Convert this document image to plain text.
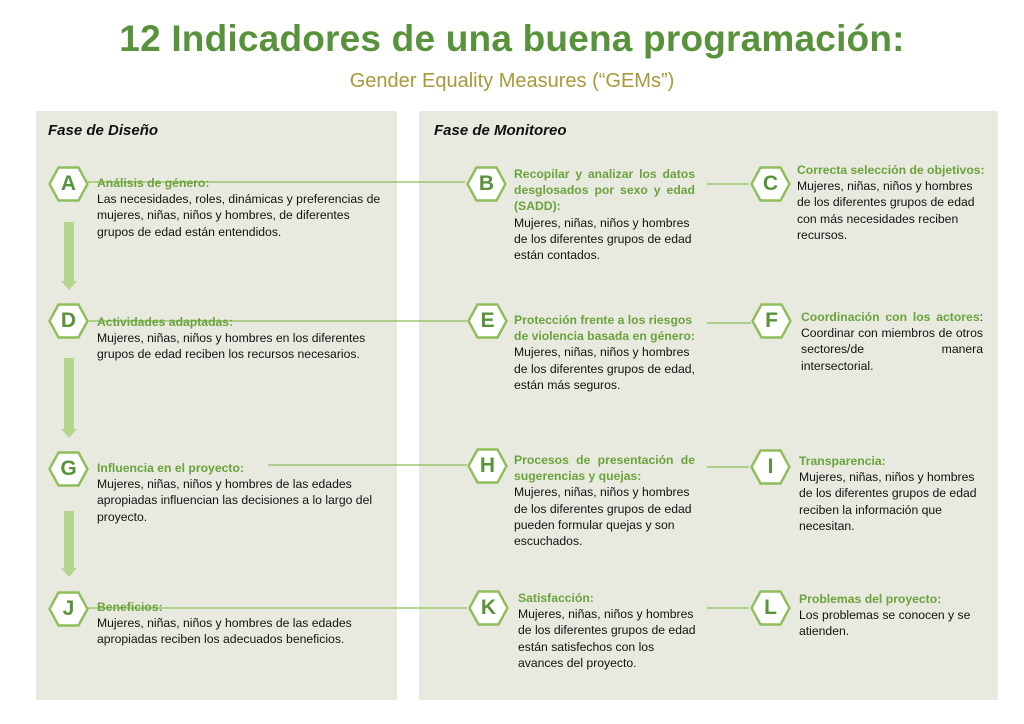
12 Indicadores de una buena programación:
Gender Equality Measures (“GEMs”)
Fase de Diseño	Fase de Monitoreo
A	B	C
D	E	F
G	H	I
J	K	L
Análisis de género:
Las necesidades, roles, dinámicas y preferencias de mujeres, niñas, niños y hombres, de diferentes grupos de edad están entendidos.
Recopilar y analizar los datos desglosados por sexo y edad (SADD):
Mujeres, niñas, niños y hombres de los diferentes grupos de edad están contados.
Correcta selección de objetivos:
Mujeres, niñas, niños y hombres de los diferentes grupos de edad con más necesidades reciben recursos.
Actividades adaptadas:
Mujeres, niñas, niños y hombres en los diferentes grupos de edad reciben los recursos necesarios.
Protección frente a los riesgos de violencia basada en género:
Mujeres, niñas, niños y hombres de los diferentes grupos de edad, están más seguros.
Coordinación con los actores: Coordinar con miembros de otros sectores/de manera intersectorial.
Influencia en el proyecto:
Mujeres, niñas, niños y hombres de las edades apropiadas influencian las decisiones a lo largo del proyecto.
Procesos de presentación de sugerencias y quejas:
Mujeres, niñas, niños y hombres de los diferentes grupos de edad pueden formular quejas y son escuchados.
Transparencia:
Mujeres, niñas, niños y hombres de los diferentes grupos de edad reciben la información que necesitan.
Beneficios:
Mujeres, niñas, niños y hombres de las edades apropiadas reciben los adecuados beneficios.
Satisfacción:
Mujeres, niñas, niños y hombres de los diferentes grupos de edad están satisfechos con los avances del proyecto.
Problemas del proyecto:
Los problemas se conocen y se atienden.
